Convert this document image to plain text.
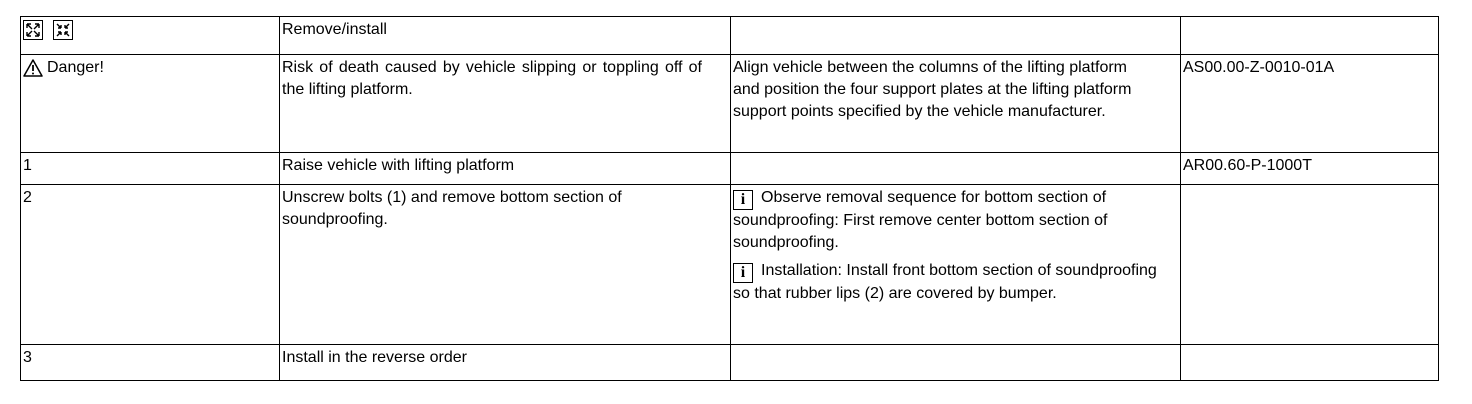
	Remove/install		

Danger!	Risk of death caused by vehicle slipping or toppling off of the lifting platform.	Align vehicle between the columns of the lifting platform and position the four support plates at the lifting platform support points specified by the vehicle manufacturer.	AS00.00-Z-0010-01A
1	Raise vehicle with lifting platform		AR00.60-P-1000T
2	Unscrew bolts (1) and remove bottom section of soundproofing.	i Observe removal sequence for bottom section of soundproofing: First remove center bottom section of soundproofing.

i Installation: Install front bottom section of soundproofing so that rubber lips (2) are covered by bumper.	

3	Install in the reverse order		
